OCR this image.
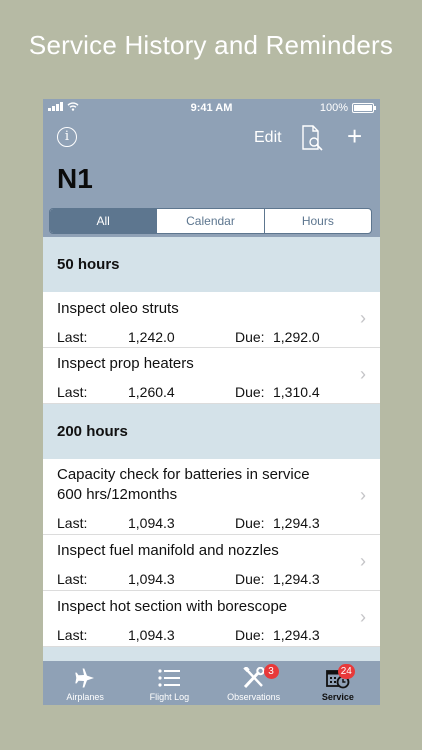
Service History and Reminders
9:41 AM	100%
i	Edit	+
N1
All	Calendar	Hours
50 hours
Inspect oleo struts
Last:	1,242.0	Due: 1,292.0
›
Inspect prop heaters
Last:	1,260.4	Due: 1,310.4
›
200 hours
Capacity check for batteries in service 600 hrs/12months
Last:	1,094.3	Due: 1,294.3
›
Inspect fuel manifold and nozzles
Last:	1,094.3	Due: 1,294.3
›
Inspect hot section with borescope
Last:	1,094.3	Due: 1,294.3
›
Airplanes	Flight Log
3
Observations
24
Service
